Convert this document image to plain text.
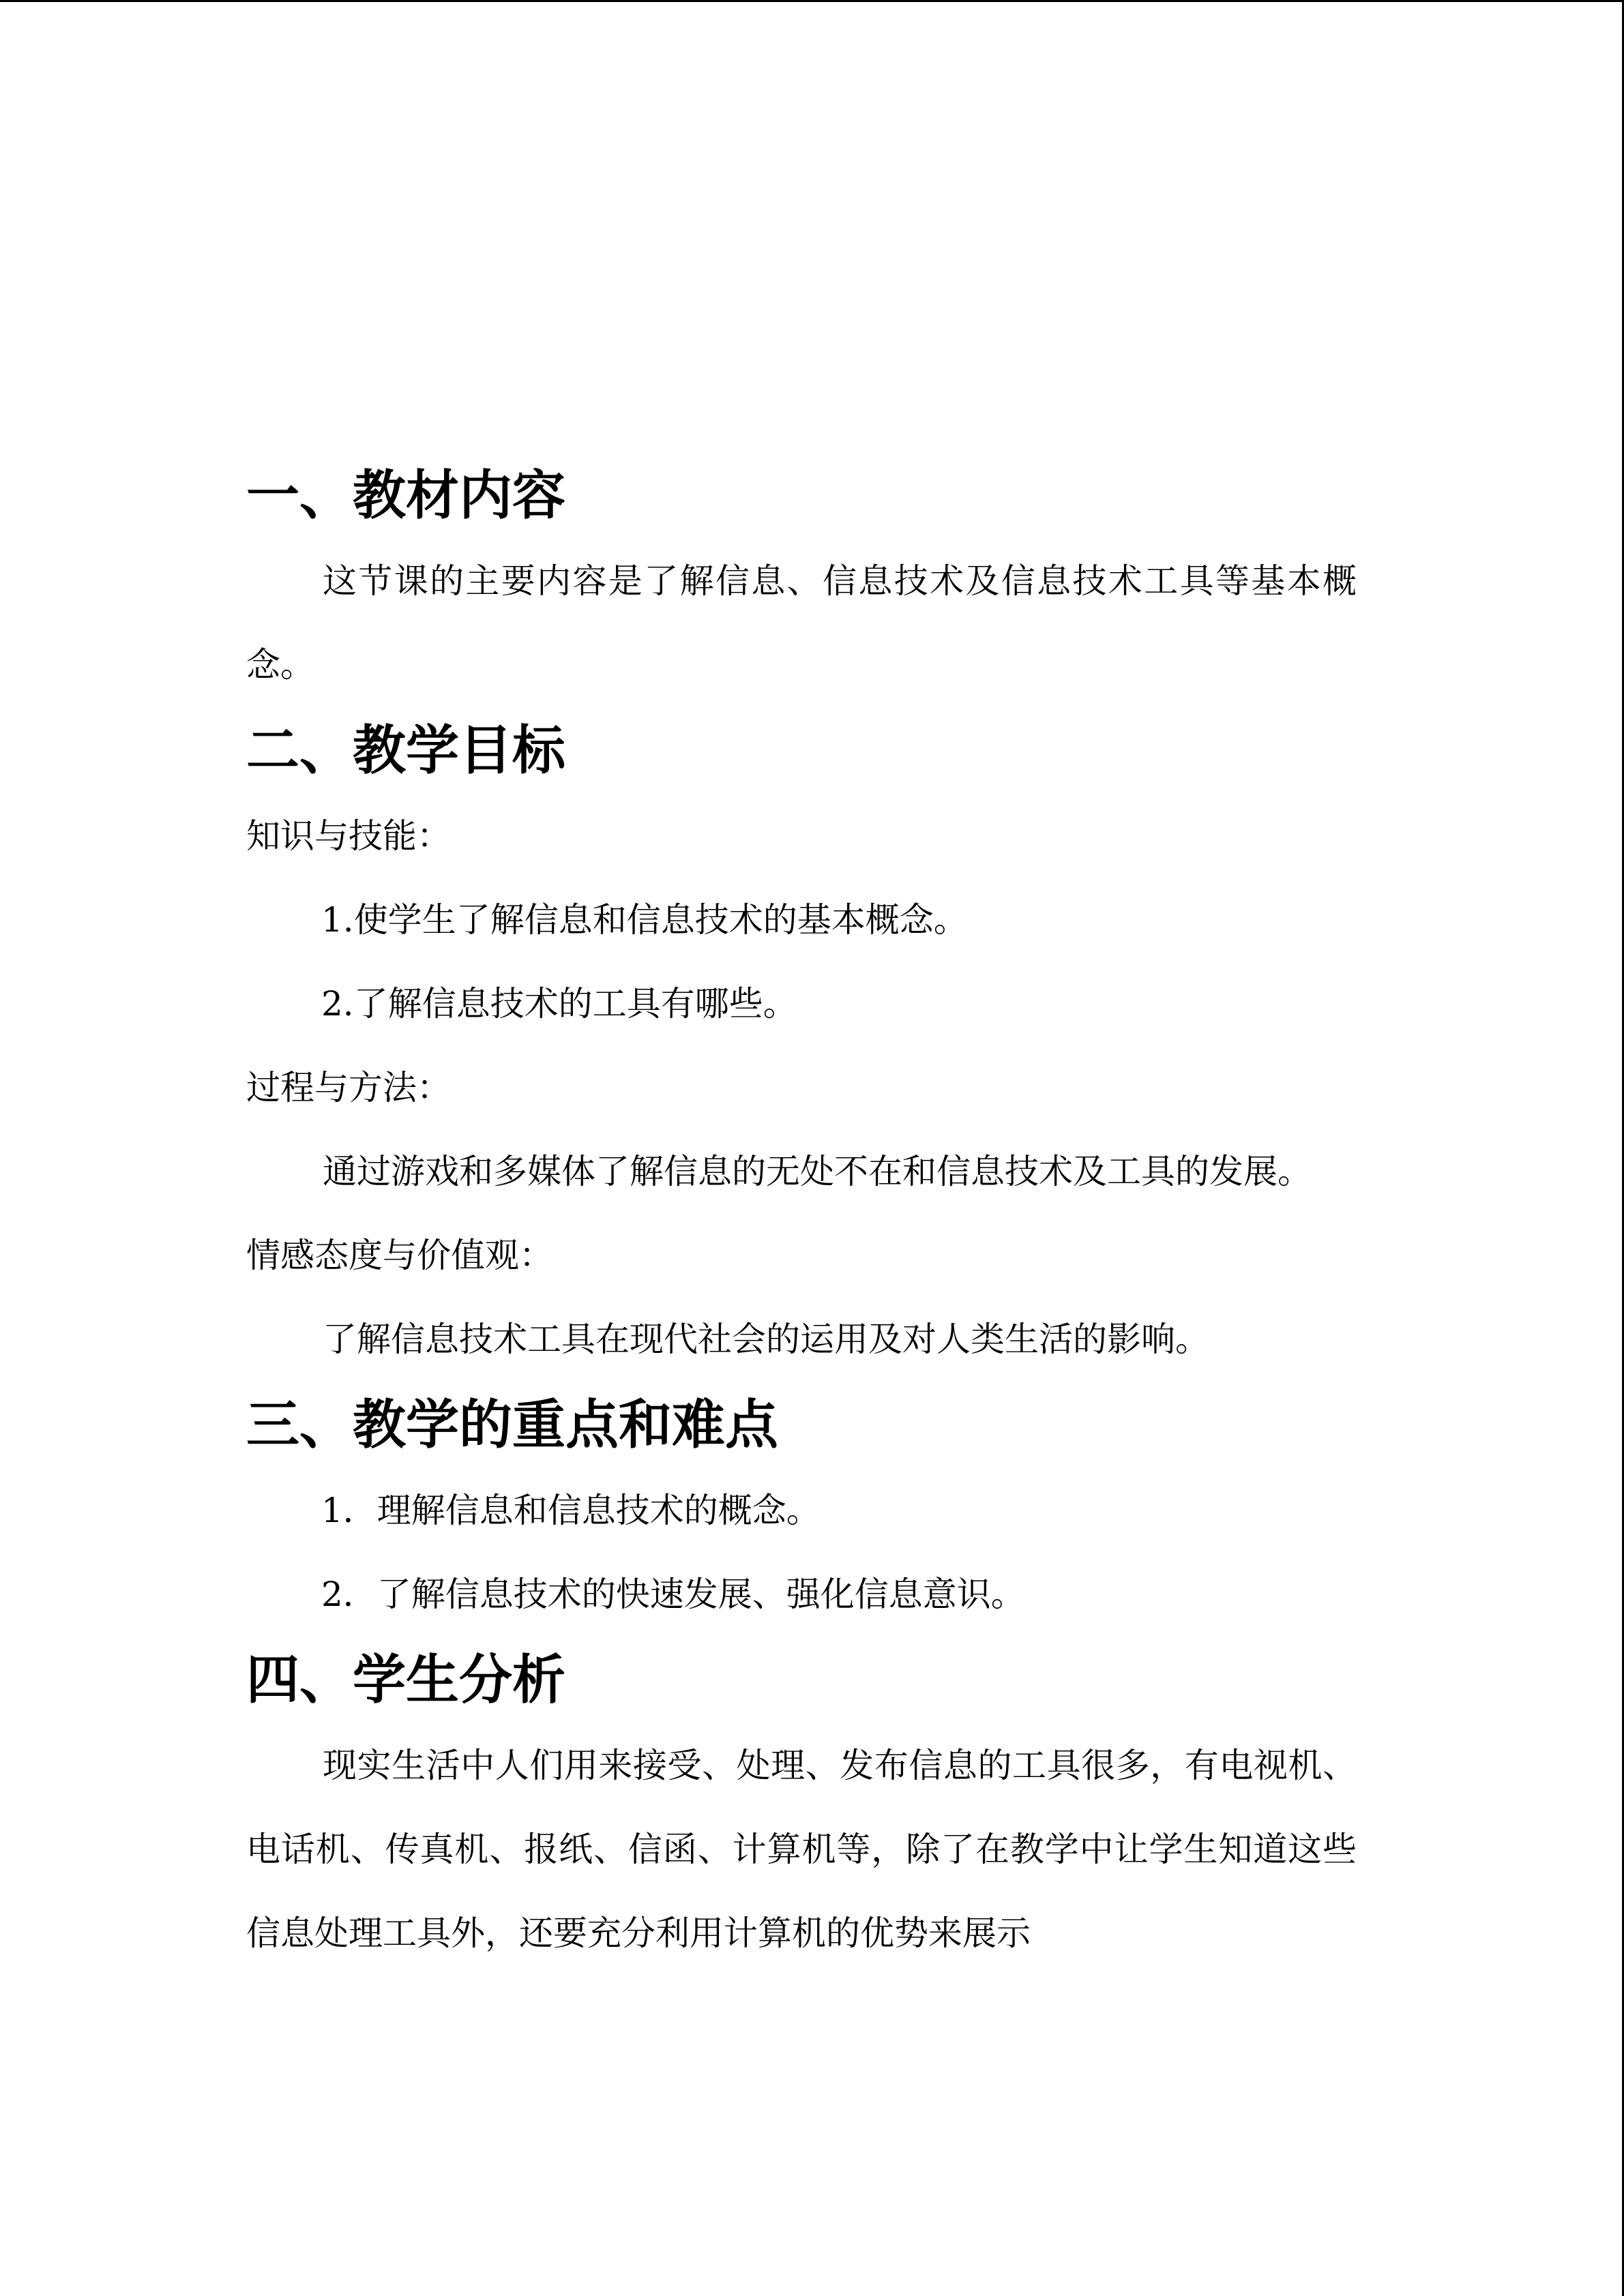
一、教材内容

这节课的主要内容是了解信息、信息技术及信息技术工具等基本概念。

二、教学目标

知识与技能：

1.使学生了解信息和信息技术的基本概念。

2.了解信息技术的工具有哪些。

过程与方法：

通过游戏和多媒体了解信息的无处不在和信息技术及工具的发展。

情感态度与价值观：

了解信息技术工具在现代社会的运用及对人类生活的影响。

三、教学的重点和难点

1．理解信息和信息技术的概念。

2．了解信息技术的快速发展、强化信息意识。

四、学生分析

现实生活中人们用来接受、处理、发布信息的工具很多，有电视机、电话机、传真机、报纸、信函、计算机等，除了在教学中让学生知道这些信息处理工具外，还要充分利用计算机的优势来展示
